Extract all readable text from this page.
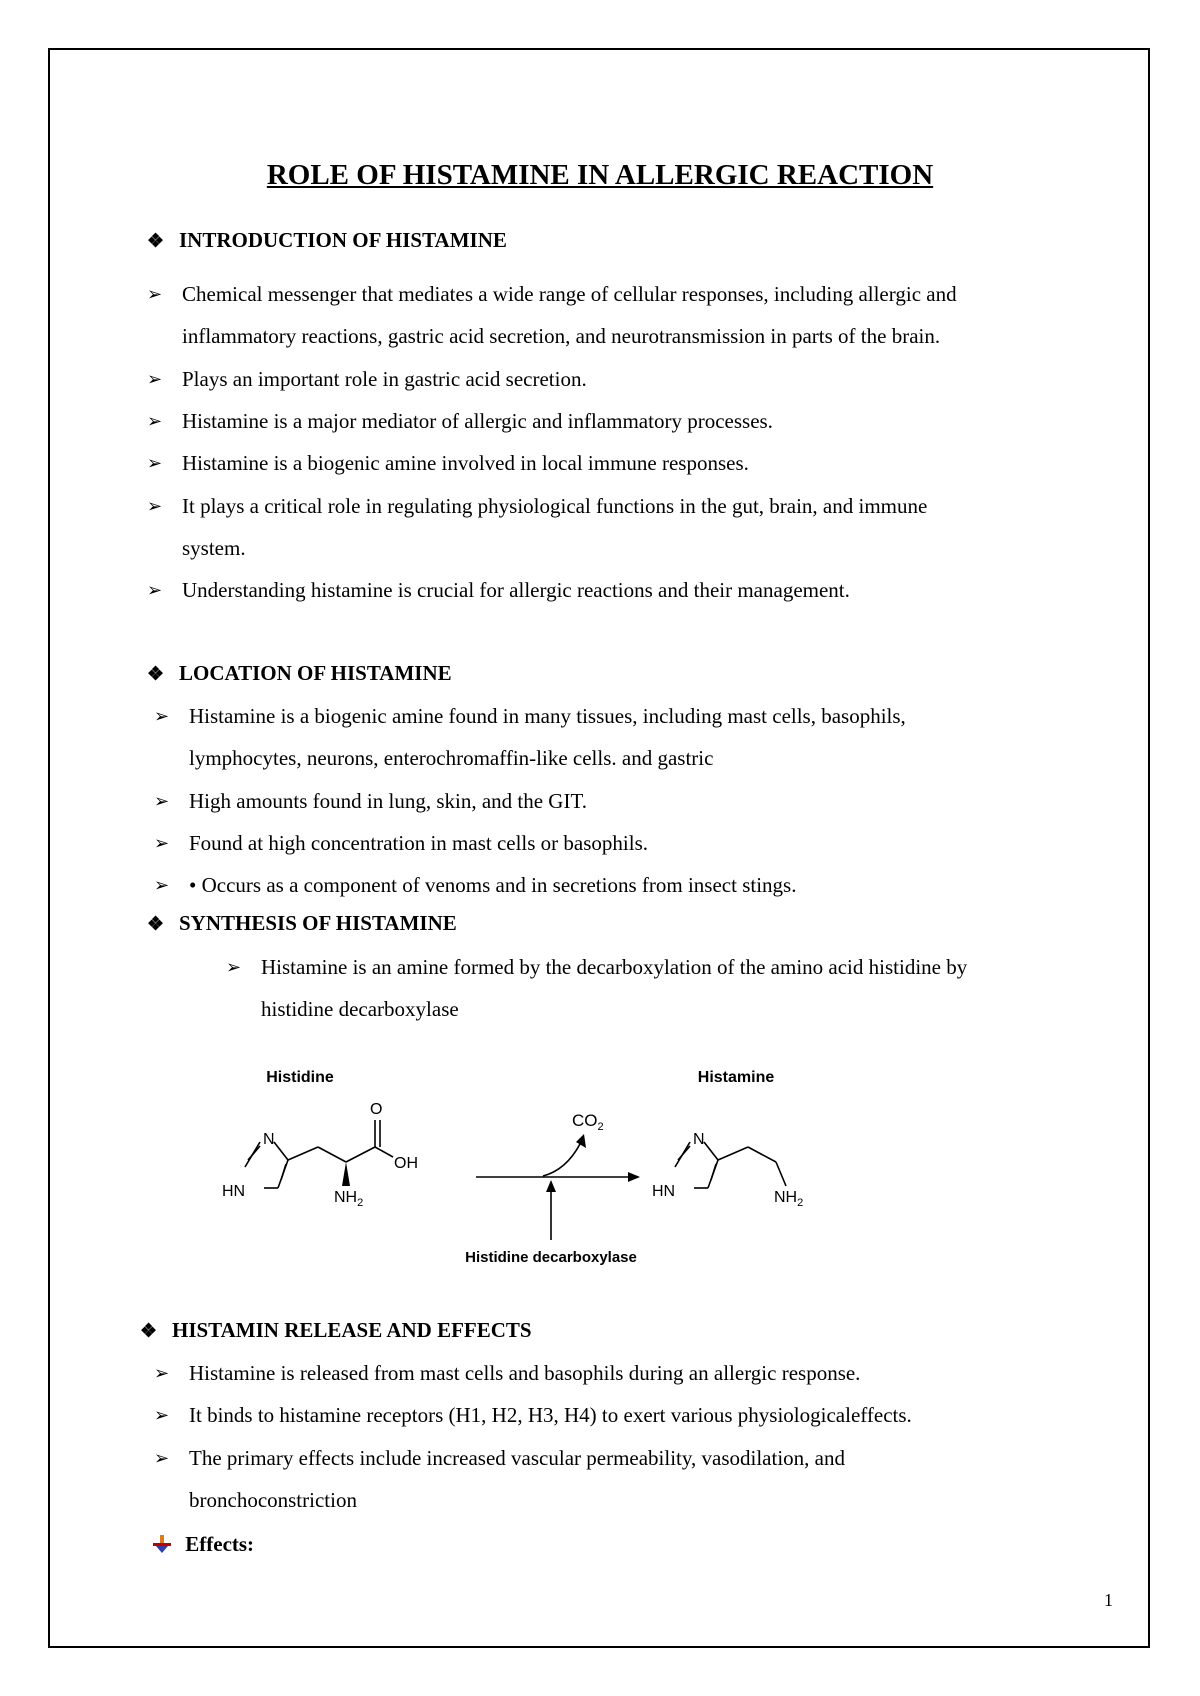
ROLE OF HISTAMINE IN ALLERGIC REACTION
❖ INTRODUCTION OF HISTAMINE
➢ Chemical messenger that mediates a wide range of cellular responses, including allergic and
inflammatory reactions, gastric acid secretion, and neurotransmission in parts of the brain.
➢ Plays an important role in gastric acid secretion.
➢ Histamine is a major mediator of allergic and inflammatory processes.
➢ Histamine is a biogenic amine involved in local immune responses.
➢ It plays a critical role in regulating physiological functions in the gut, brain, and immune
system.
➢ Understanding histamine is crucial for allergic reactions and their management.
❖ LOCATION OF HISTAMINE
➢ Histamine is a biogenic amine found in many tissues, including mast cells, basophils,
lymphocytes, neurons, enterochromaffin-like cells. and gastric
➢ High amounts found in lung, skin, and the GIT.
➢ Found at high concentration in mast cells or basophils.
➢ • Occurs as a component of venoms and in secretions from insect stings.
❖ SYNTHESIS OF HISTAMINE
➢ Histamine is an amine formed by the decarboxylation of the amino acid histidine by
histidine decarboxylase
Histidine	Histamine
N
HN
O
OH
$NH_2$
$CO_2$
Histidine decarboxylase
N
HN	$NH_2$
❖ HISTAMIN RELEASE AND EFFECTS
➢ Histamine is released from mast cells and basophils during an allergic response.
➢ It binds to histamine receptors (H1, H2, H3, H4) to exert various physiologicaleffects.
➢ The primary effects include increased vascular permeability, vasodilation, and
bronchoconstriction
Effects:
1
